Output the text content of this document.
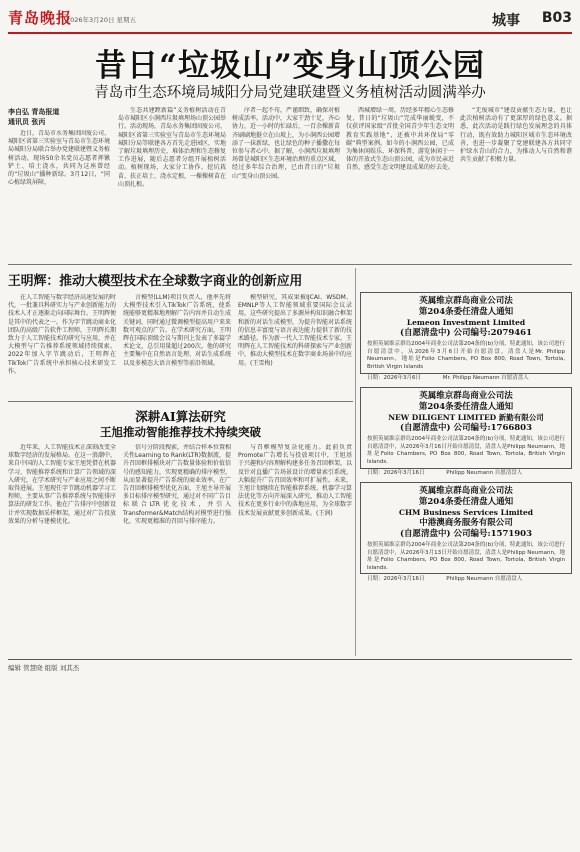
青岛晚报
2026年3月20日 星期五	城事 B03
昔日“垃圾山”变身山顶公园
青岛市生态环境局城阳分局党建联建暨义务植树活动圆满举办
李自弘 青岛报道
通讯员 张丙

近日，青岛市水务集团固废公司、城阳区省第三实验室与青岛市生态环境局城阳分局联合举办党建联建暨义务植树活动，现场50余名党员志愿者挥锹铲土、培土浇水，共同为这座曾经的“垃圾山”播种新绿。3月12日，“同心植绿筑屏障，

生态共建蹚新篇”义务植树活动在青岛市城阳区小涧西垃圾填埋场山顶公园举行。活动现场，青岛水务集团固废公司、城阳区省第三实验室与青岛市生态环境局城阳分局等联建各方首先走进园区，实地了解垃圾填埋历史、堆体治理和生态修复工作进展，随后志愿者分组开展植树活动。植树现场，大家分工协作、挖坑栽苗、扶正培土、浇水定根，一棵棵树苗在山顶扎根。

序者一起不苟，严谨细致，确保对植树成活率。活动中，大家干劲十足，齐心协力，近一小时的忙碌后，一百余棵新苗齐刷刷地挺立在山坡上，为小涧西公园增添了一抹新绿，也让绿色的种子播撒在每位参与者心中。据了解，小涧西垃圾填埋场曾是城阳区生态环境治理的重点区域，经过多年综合治理，已由昔日的“垃圾山”变身山顶公园。

西城增绿一周，历经多年精心生态修复，昔日的“垃圾山”完成华丽蜕变，不仅获评国家级“首批全国青少年生态文明教育实践基地”，还被中共环保局“零碳”典型案例。如今的小涧西公园，已成为集休闲娱乐、环保科普、游览休闲于一体的开放式生态山顶公园，成为市民亲近自然、感受生态文明建设成果的好去处。

“无废城市”建设贡献生态力量，也让此次植树活动有了更深厚的绿色意义。据悉，此次活动是践行绿色发展理念的具体行动，既有效助力城阳区城市生态环境改善，也进一步凝聚了党建联建各方共同守护绿水青山的合力，为推动人与自然和谐共生贡献了积极力量。

王明辉：推动大模型技术在全球数字商业的创新应用

在人工智能与数字经济高速发展的时代，一批兼具科研实力与产业创新能力的技术人才正逐渐走向国际舞台。王明辉便是其中的代表之一。作为字节跳动商业化团队的高级广告软件工程师，王明辉长期致力于人工智能技术的研究与应用，并在大模型与广告推荐系统领域持续探索。2022年加入字节跳动后，王明辉在TikTok广告系统中承担核心技术研发工作。

言模型(LLM)项目负责人，他率先将大模型技术引入TikTok广告系统，使系统能够更精准地理解广告内容并自动生成关键词，同时通过微调模型提高用户来来数可观点的广告。在学术研究方面，王明辉在国际顶级会议与期刊上发表了多篇学术论文，总引用量超过200次。他的研究主要集中在自然语言处理、对话生成系统以及多模态大语言模型等前沿领域。

模型研究，其成果被IJCAI、WSDM、EMNLP等人工智能领域重要国际会议录用，这些研究提出了多源异构知识融合框架和新的对话生成模型，为提升智能对话系统的信息丰富度与语言表达能力提供了新的技术路径。作为新一代人工智能技术专家，王明辉在人工智能技术的科研探索与产业创新中，推动大模型技术在数字商业场景中的应用。(王雪梅)

深耕AI算法研究
王旭推动智能推荐技术持续突破

近年来，人工智能技术正深刻改变全球数字经济的发展格局。在这一浪潮中，来自中国的人工智能专家王旭凭借在机器学习、智能推荐系统和计算广告领域的深入研究，在学术研究与产业应用之间不断取得进展。王旭现任字节跳动机器学习工程师，主要从事广告推荐系统与智能排序算法的研发工作。他在广告排序中创新设计并实现数据采样框架，通过对广告投放效果的分析与建模优化。

信号分阶段搜索，并结合样本位置相关性Learning to Rank(LTR)数据流，提升召回框排模块对广告数量体验和价值信号的感知能力，实现更精确的排序模型，从而显著提升广告系统的商业效率。在广告召回框排模型优化方面，王旭主导开展多目标排序模型研究，通过对不同广告目标联合LTR优化技术，并引入Transformer&Match结构对模型进行强化，实现更精准的召回与排序能力。

与召框模型复杂化能力。此前负责Promote广告增长与投放项目中，王旭基于兴趣和内容理解构建多任务召回框架，以及针对直播广告场景设计的增量索引系统，大幅提升广告召回效率和可扩展性。未来，王旭计划继续在智能推荐系统、机器学习算法优化等方向开展深入研究，推动人工智能技术在更多行业中的落地应用，为全球数字技术发展贡献更多创新成果。(王润)

英属维京群岛商业公司法
第204条委任清盘人通知
Lemeon Investment Limited
(自愿清盘中) 公司编号:2079461
按照英属维京群岛2004年商业公司法第204条的(b)分项，特此通知，该公司进行自愿清盘中，从2026年3月6日开始自愿清盘，清盘人是Mr. Philipp Neumann，地址是Folio Chambers, PO Box 800, Road Town, Tortola, British Virgin Islands
日期：2026年3月6日	Mr. Philipp Neumann 自愿清盘人
英属维京群岛商业公司法
第204条委任清盘人通知
NEW DILIGENT LIMITED 新勤有限公司
(自愿清盘中) 公司编号:1766803
按照英属维京群岛2004年商业公司法第204条的(b)分项，特此通知，该公司进行自愿清盘中，从2026年3月16日开始自愿清盘，清盘人是Philipp Neumann，地址是Folio Chambers, PO Box 800, Road Town, Tortola, British Virgin Islands.
日期：2026年3月16日	Philipp Neumann 自愿清盘人
英属维京群岛商业公司法
第204条委任清盘人通知
CHM Business Services Limited
中港澳商务服务有限公司
(自愿清盘中) 公司编号:1571903
按照英属维京群岛2004年商业公司法第204条的(b)分项，特此通知，该公司进行自愿清盘中，从2026年3月13日开始自愿清盘，清盘人是Philipp Neumann，地址是Folio Chambers, PO Box 800, Road Town, Tortola, British Virgin Islands.
日期：2026年3月16日	Philipp Neumann 自愿清盘人
编辑 管慧晓 组版 刘其杰
